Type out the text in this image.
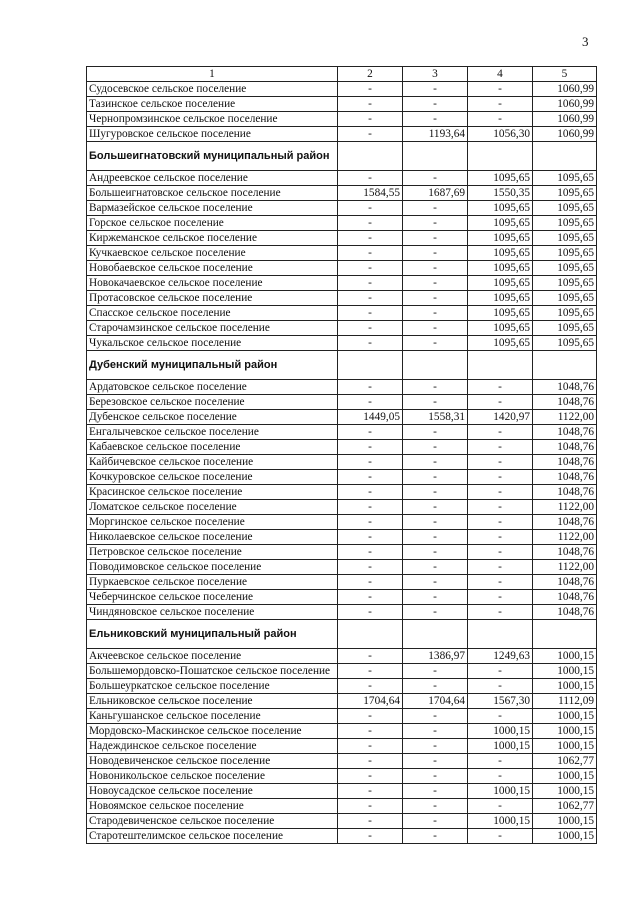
3
1	2	3	4	5
Судосевское сельское поселение	-	-	-	1060,99
Тазинское сельское поселение	-	-	-	1060,99
Чернопромзинское сельское поселение	-	-	-	1060,99
Шугуровское сельское поселение	-	1193,64	1056,30	1060,99
Большеигнатовский муниципальный район				
Андреевское сельское поселение	-	-	1095,65	1095,65
Большеигнатовское сельское поселение	1584,55	1687,69	1550,35	1095,65
Вармазейское сельское поселение	-	-	1095,65	1095,65
Горское сельское поселение	-	-	1095,65	1095,65
Киржеманское сельское поселение	-	-	1095,65	1095,65
Кучкаевское сельское поселение	-	-	1095,65	1095,65
Новобаевское сельское поселение	-	-	1095,65	1095,65
Новокачаевское сельское поселение	-	-	1095,65	1095,65
Протасовское сельское поселение	-	-	1095,65	1095,65
Спасское сельское поселение	-	-	1095,65	1095,65
Старочамзинское сельское поселение	-	-	1095,65	1095,65
Чукальское сельское поселение	-	-	1095,65	1095,65
Дубенский муниципальный район				
Ардатовское сельское поселение	-	-	-	1048,76
Березовское сельское поселение	-	-	-	1048,76
Дубенское сельское поселение	1449,05	1558,31	1420,97	1122,00
Енгалычевское сельское поселение	-	-	-	1048,76
Кабаевское сельское поселение	-	-	-	1048,76
Кайбичевское сельское поселение	-	-	-	1048,76
Кочкуровское сельское поселение	-	-	-	1048,76
Красинское сельское поселение	-	-	-	1048,76
Ломатское сельское поселение	-	-	-	1122,00
Моргинское сельское поселение	-	-	-	1048,76
Николаевское сельское поселение	-	-	-	1122,00
Петровское сельское поселение	-	-	-	1048,76
Поводимовское сельское поселение	-	-	-	1122,00
Пуркаевское сельское поселение	-	-	-	1048,76
Чеберчинское сельское поселение	-	-	-	1048,76
Чиндяновское сельское поселение	-	-	-	1048,76
Ельниковский муниципальный район				
Акчеевское сельское поселение	-	1386,97	1249,63	1000,15
Большемордовско-Пошатское сельское поселение	-	-	-	1000,15
Большеуркатское сельское поселение	-	-	-	1000,15
Ельниковское сельское поселение	1704,64	1704,64	1567,30	1112,09
Каньгушанское сельское поселение	-	-	-	1000,15
Мордовско-Маскинское сельское поселение	-	-	1000,15	1000,15
Надеждинское сельское поселение	-	-	1000,15	1000,15
Новодевиченское сельское поселение	-	-	-	1062,77
Новоникольское сельское поселение	-	-	-	1000,15
Новоусадское сельское поселение	-	-	1000,15	1000,15
Новоямское сельское поселение	-	-	-	1062,77
Стародевиченское сельское поселение	-	-	1000,15	1000,15
Старотештелимское сельское поселение	-	-	-	1000,15
